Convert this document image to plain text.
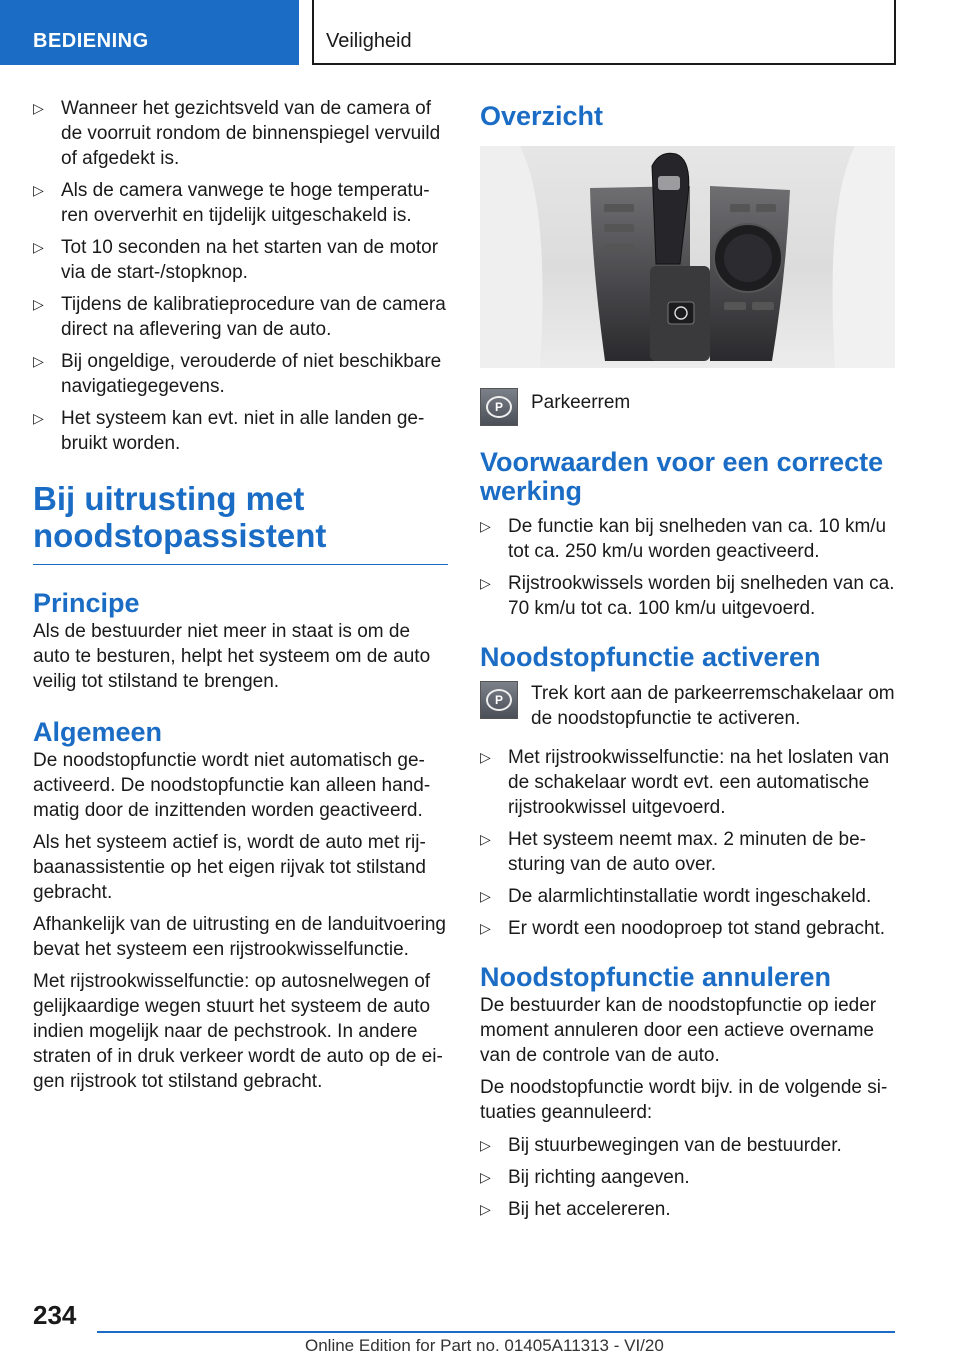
BEDIENING	Veiligheid
▷ Wanneer het gezichtsveld van de camera of de voorruit rondom de binnenspiegel vervuild of afgedekt is.
▷ Als de camera vanwege te hoge temperatu‐ ren oververhit en tijdelijk uitgeschakeld is.
▷ Tot 10 seconden na het starten van de motor via de start-/stopknop.
▷ Tijdens de kalibratieprocedure van de camera direct na aflevering van de auto.
▷ Bij ongeldige, verouderde of niet beschikbare navigatiegegevens.
▷ Het systeem kan evt. niet in alle landen ge‐ bruikt worden.
Bij uitrusting met noodstopassistent
Principe

Als de bestuurder niet meer in staat is om de auto te besturen, helpt het systeem om de auto veilig tot stilstand te brengen.

Algemeen

De noodstopfunctie wordt niet automatisch ge‐ activeerd. De noodstopfunctie kan alleen hand‐ matig door de inzittenden worden geactiveerd.

Als het systeem actief is, wordt de auto met rij‐ baanassistentie op het eigen rijvak tot stilstand gebracht.

Afhankelijk van de uitrusting en de landuitvoering bevat het systeem een rijstrookwisselfunctie.

Met rijstrookwisselfunctie: op autosnelwegen of gelijkaardige wegen stuurt het systeem de auto indien mogelijk naar de pechstrook. In andere straten of in druk verkeer wordt de auto op de ei‐ gen rijstrook tot stilstand gebracht.

Overzicht
P	Parkeerrem

Voorwaarden voor een correcte werking
▷ De functie kan bij snelheden van ca. 10 km/u tot ca. 250 km/u worden geactiveerd.
▷ Rijstrookwissels worden bij snelheden van ca. 70 km/u tot ca. 100 km/u uitgevoerd.
Noodstopfunctie activeren
P	Trek kort aan de parkeerremschakelaar om de noodstopfunctie te activeren.

▷ Met rijstrookwisselfunctie: na het loslaten van de schakelaar wordt evt. een automatische rijstrookwissel uitgevoerd.
▷ Het systeem neemt max. 2 minuten de be‐ sturing van de auto over.
▷ De alarmlichtinstallatie wordt ingeschakeld.
▷ Er wordt een noodoproep tot stand gebracht.
Noodstopfunctie annuleren

De bestuurder kan de noodstopfunctie op ieder moment annuleren door een actieve overname van de controle van de auto.

De noodstopfunctie wordt bijv. in de volgende si‐ tuaties geannuleerd:

▷ Bij stuurbewegingen van de bestuurder.
▷ Bij richting aangeven.
▷ Bij het accelereren.
234
Online Edition for Part no. 01405A11313 - VI/20
